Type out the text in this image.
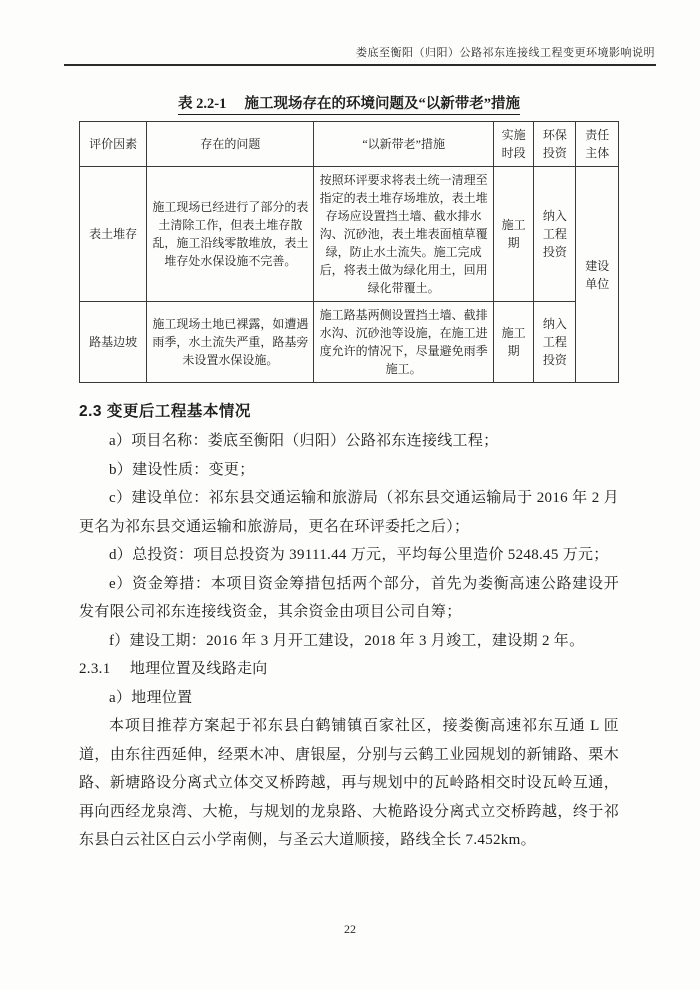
娄底至衡阳（归阳）公路祁东连接线工程变更环境影响说明

表 2.2-1　 施工现场存在的环境问题及“以新带老”措施

评价因素	存在的问题	“以新带老”措施	实施时段	环保投资	责任主体
表土堆存	施工现场已经进行了部分的表土清除工作，但表土堆存散乱，施工沿线零散堆放，表土堆存处水保设施不完善。	按照环评要求将表土统一清理至指定的表土堆存场堆放，表土堆存场应设置挡土墙、截水排水沟、沉砂池，表土堆表面植草覆绿，防止水土流失。施工完成后，将表土做为绿化用土，回用绿化带覆土。	施工期	纳入工程投资	建设单位
路基边坡	施工现场土地已裸露，如遭遇雨季，水土流失严重，路基旁未设置水保设施。	施工路基两侧设置挡土墙、截排水沟、沉砂池等设施，在施工进度允许的情况下，尽量避免雨季施工。	施工期	纳入工程投资	

2.3 变更后工程基本情况

a）项目名称：娄底至衡阳（归阳）公路祁东连接线工程；

b）建设性质：变更；

c）建设单位：祁东县交通运输和旅游局（祁东县交通运输局于 2016 年 2 月更名为祁东县交通运输和旅游局，更名在环评委托之后）；

d）总投资：项目总投资为 39111.44 万元，平均每公里造价 5248.45 万元；

e）资金筹措：本项目资金筹措包括两个部分，首先为娄衡高速公路建设开发有限公司祁东连接线资金，其余资金由项目公司自筹；

f）建设工期：2016 年 3 月开工建设，2018 年 3 月竣工，建设期 2 年。

2.3.1　 地理位置及线路走向

a）地理位置

本项目推荐方案起于祁东县白鹤铺镇百家社区，接娄衡高速祁东互通 L 匝道，由东往西延伸，经栗木冲、唐银屋，分别与云鹤工业园规划的新铺路、栗木路、新塘路设分离式立体交叉桥跨越，再与规划中的瓦岭路相交时设瓦岭互通，再向西经龙泉湾、大桅，与规划的龙泉路、大桅路设分离式立交桥跨越，终于祁东县白云社区白云小学南侧，与圣云大道顺接，路线全长 7.452km。

22
